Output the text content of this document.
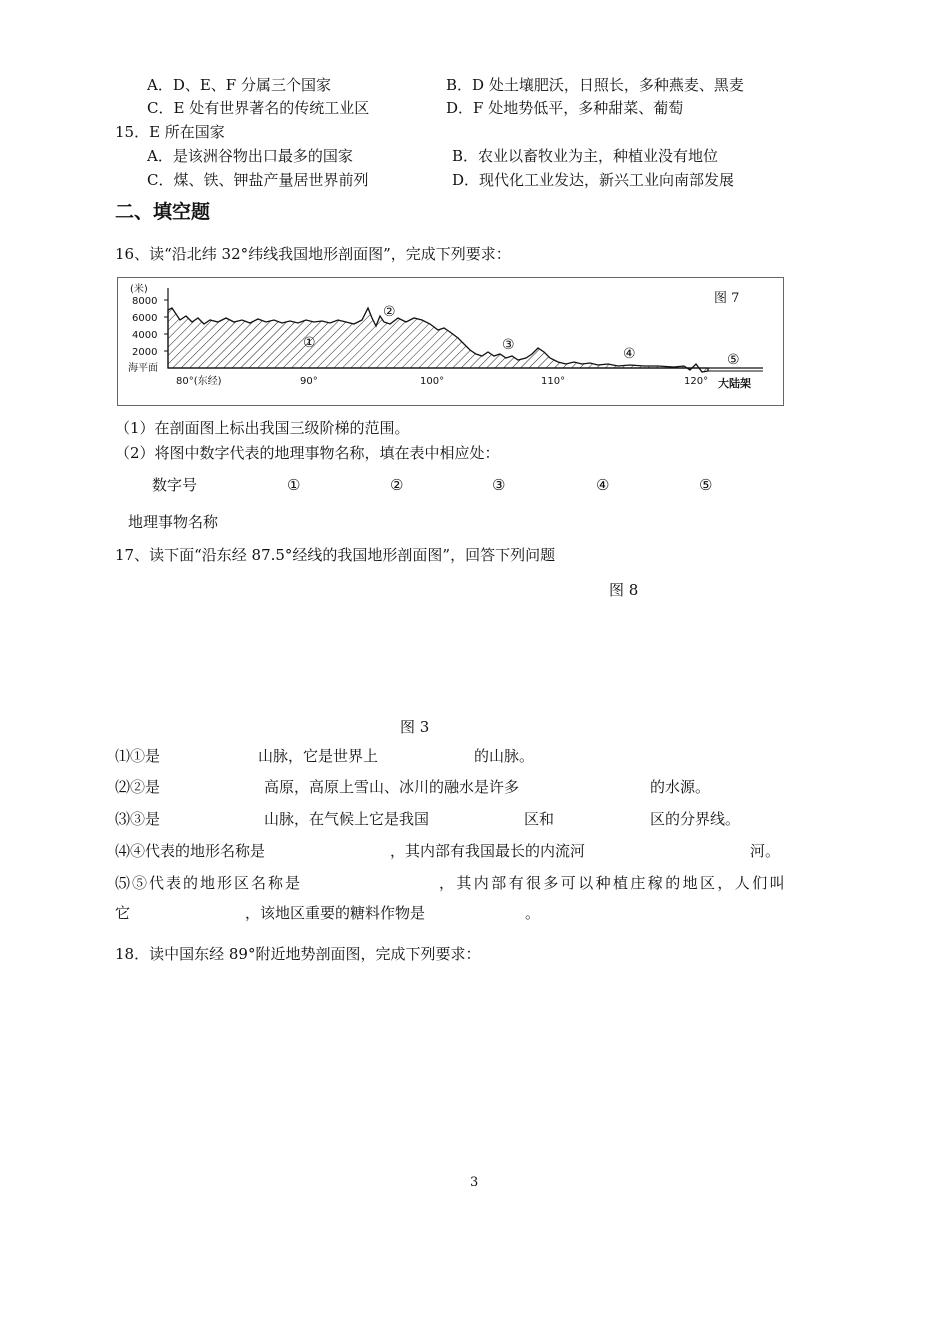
A．D、E、F 分属三个国家	B．D 处土壤肥沃，日照长，多种燕麦、黑麦
C．E 处有世界著名的传统工业区	D．F 处地势低平，多种甜菜、葡萄
15．E 所在国家
A．是该洲谷物出口最多的国家	B．农业以畜牧业为主，种植业没有地位
C．煤、铁、钾盐产量居世界前列	D．现代化工业发达，新兴工业向南部发展
二、填空题
16、读“沿北纬 32°纬线我国地形剖面图”，完成下列要求：
(米)
8000
6000
4000
2000
海平面
80°(东经)	90°	100°	110°	120° 大陆架
①
②
③
④	⑤
图 7
（1）在剖面图上标出我国三级阶梯的范围。
（2）将图中数字代表的地理事物名称，填在表中相应处：
数字号	①	②	③	④	⑤
地理事物名称
17、读下面“沿东经 87.5°经线的我国地形剖面图”，回答下列问题
图 8
图 3
⑴①是	山脉，它是世界上	的山脉。
⑵②是	高原，高原上雪山、冰川的融水是许多	的水源。
⑶③是	山脉，在气候上它是我国	区和	区的分界线。
⑷④代表的地形名称是	，其内部有我国最长的内流河	河。
⑸⑤代表的地形区名称是	，其内部有很多可以种植庄稼的地区，人们叫
它	，该地区重要的糖料作物是	。
18．读中国东经 89°附近地势剖面图，完成下列要求：
3
